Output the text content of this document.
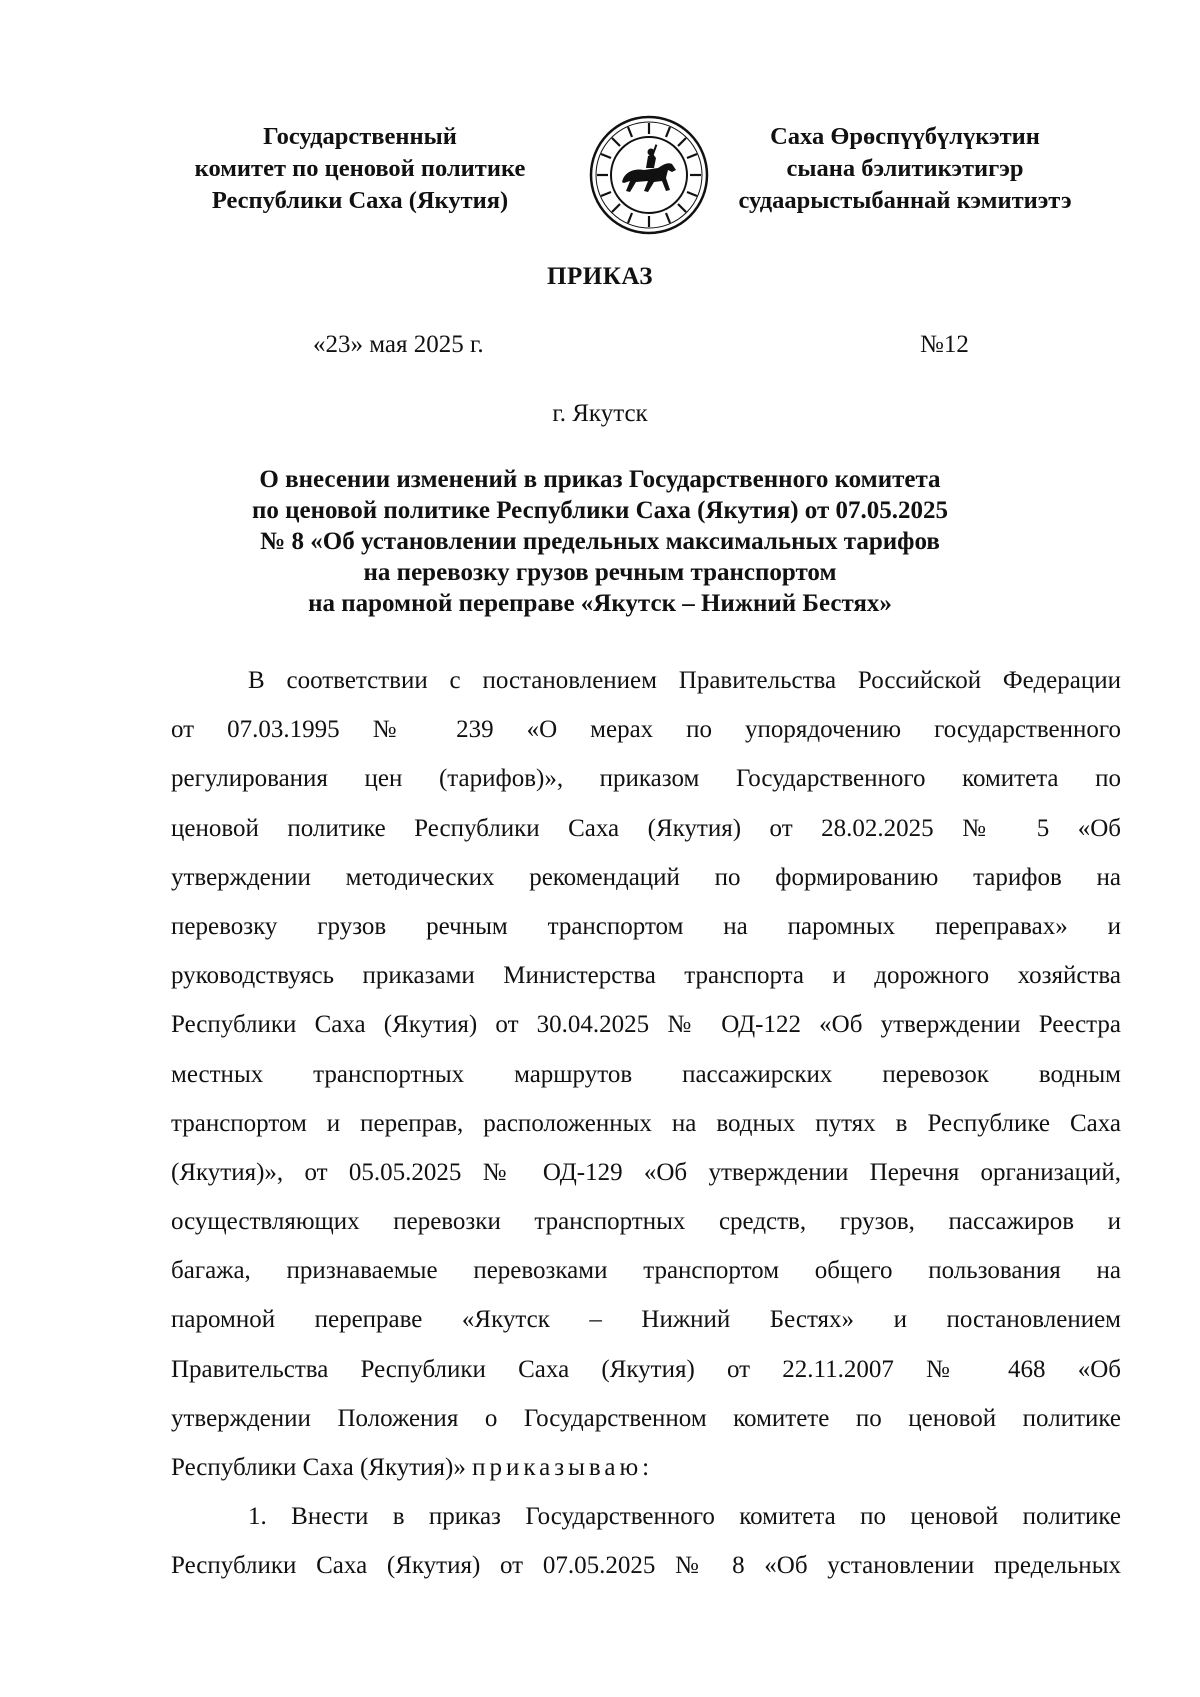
Государственный
комитет по ценовой политике
Республики Саха (Якутия)
Саха Өрөспүүбүлүкэтин
сыана бэлитикэтигэр
судаарыстыбаннай кэмитиэтэ
ПРИКАЗ
«23» мая 2025 г.	№12
г. Якутск
О внесении изменений в приказ Государственного комитета
по ценовой политике Республики Саха (Якутия) от 07.05.2025
№ 8 «Об установлении предельных максимальных тарифов
на перевозку грузов речным транспортом
на паромной переправе «Якутск – Нижний Бестях»
В соответствии с постановлением Правительства Российской Федерации
от 07.03.1995 № 239 «О мерах по упорядочению государственного
регулирования цен (тарифов)», приказом Государственного комитета по
ценовой политике Республики Саха (Якутия) от 28.02.2025 № 5 «Об
утверждении методических рекомендаций по формированию тарифов на
перевозку грузов речным транспортом на паромных переправах» и
руководствуясь приказами Министерства транспорта и дорожного хозяйства
Республики Саха (Якутия) от 30.04.2025 № ОД-122 «Об утверждении Реестра
местных транспортных маршрутов пассажирских перевозок водным
транспортом и переправ, расположенных на водных путях в Республике Саха
(Якутия)», от 05.05.2025 № ОД-129 «Об утверждении Перечня организаций,
осуществляющих перевозки транспортных средств, грузов, пассажиров и
багажа, признаваемые перевозками транспортом общего пользования на
паромной переправе «Якутск – Нижний Бестях» и постановлением
Правительства Республики Саха (Якутия) от 22.11.2007 № 468 «Об
утверждении Положения о Государственном комитете по ценовой политике
Республики Саха (Якутия)» приказываю:
1. Внести в приказ Государственного комитета по ценовой политике
Республики Саха (Якутия) от 07.05.2025 № 8 «Об установлении предельных
